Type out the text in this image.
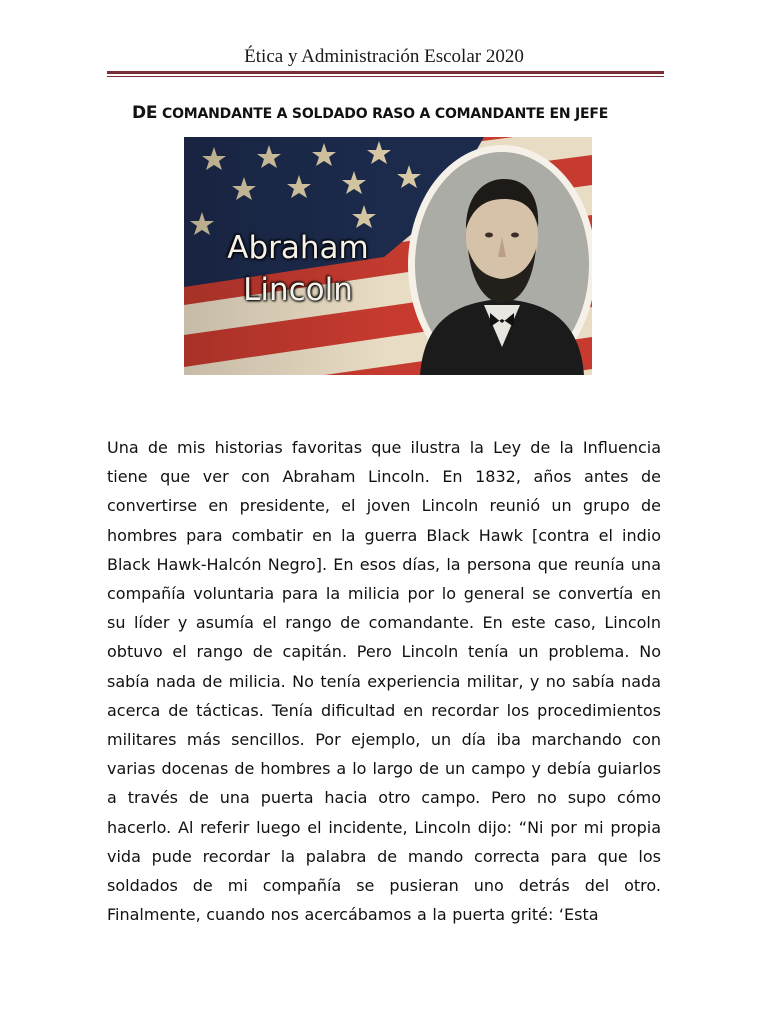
Ética y Administración Escolar 2020
DE COMANDANTE A SOLDADO RASO A COMANDANTE EN JEFE
Abraham
Lincoln

Una de mis historias favoritas que ilustra la Ley de la Influencia tiene que ver con Abraham Lincoln. En 1832, años antes de convertirse en presidente, el joven Lincoln reunió un grupo de hombres para combatir en la guerra Black Hawk [contra el indio Black Hawk-Halcón Negro]. En esos días, la persona que reunía una compañía voluntaria para la milicia por lo general se convertía en su líder y asumía el rango de comandante. En este caso, Lincoln obtuvo el rango de capitán. Pero Lincoln tenía un problema. No sabía nada de milicia. No tenía experiencia militar, y no sabía nada acerca de tácticas. Tenía dificultad en recordar los procedimientos militares más sencillos. Por ejemplo, un día iba marchando con varias docenas de hombres a lo largo de un campo y debía guiarlos a través de una puerta hacia otro campo. Pero no supo cómo hacerlo. Al referir luego el incidente, Lincoln dijo: “Ni por mi propia vida pude recordar la palabra de mando correcta para que los soldados de mi compañía se pusieran uno detrás del otro. Finalmente, cuando nos acercábamos a la puerta grité: ‘Esta
